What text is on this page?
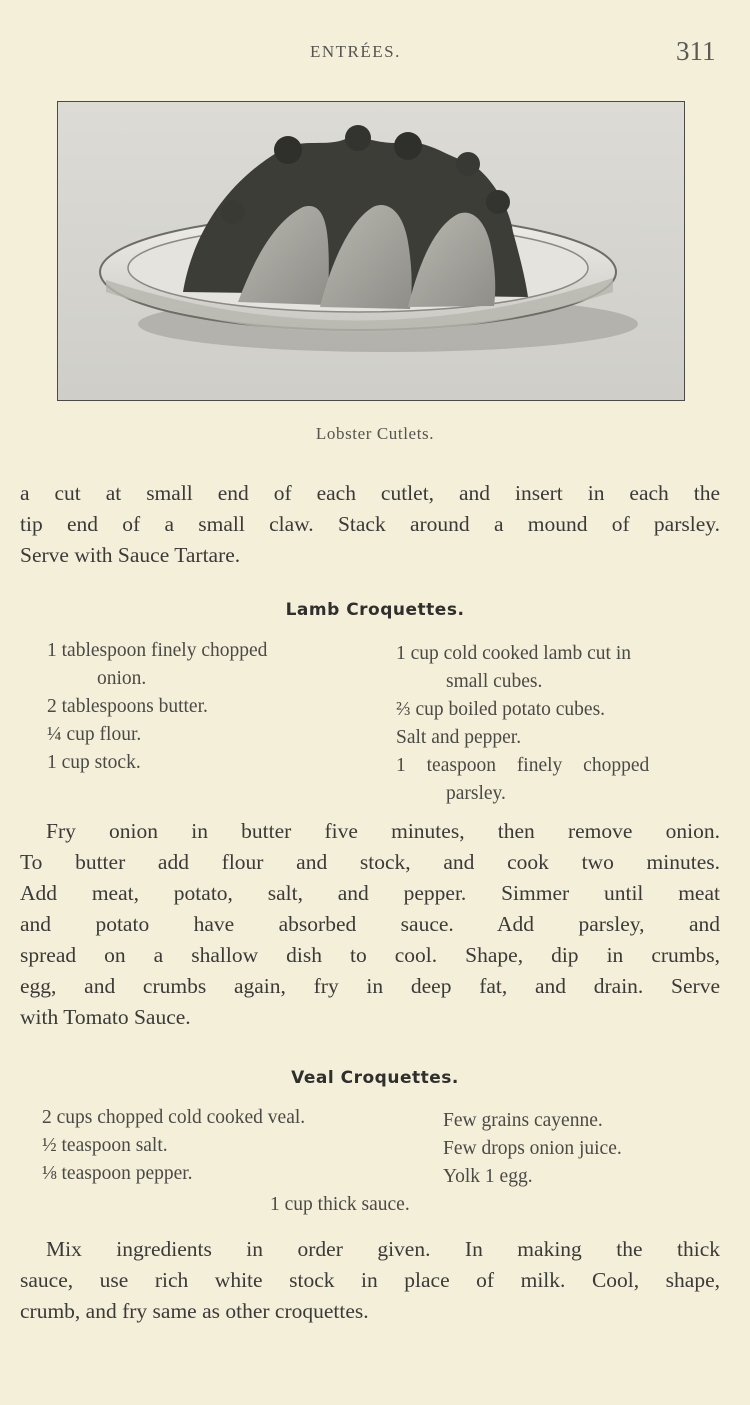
ENTRÉES.	311
Lobster Cutlets.
a cut at small end of each cutlet, and insert in each the
tip end of a small claw. Stack around a mound of parsley.
Serve with Sauce Tartare.
Lamb Croquettes.
1 tablespoon finely chopped
onion.
2 tablespoons butter.
¼ cup flour.
1 cup stock.
1 cup cold cooked lamb cut in
small cubes.
⅔ cup boiled potato cubes.
Salt and pepper.
1 teaspoon finely chopped
parsley.
Fry onion in butter five minutes, then remove onion.
To butter add flour and stock, and cook two minutes.
Add meat, potato, salt, and pepper. Simmer until meat
and potato have absorbed sauce. Add parsley, and
spread on a shallow dish to cool. Shape, dip in crumbs,
egg, and crumbs again, fry in deep fat, and drain. Serve
with Tomato Sauce.
Veal Croquettes.
2 cups chopped cold cooked veal.
½ teaspoon salt.
⅛ teaspoon pepper.
Few grains cayenne.
Few drops onion juice.
Yolk 1 egg.
1 cup thick sauce.
Mix ingredients in order given. In making the thick
sauce, use rich white stock in place of milk. Cool, shape,
crumb, and fry same as other croquettes.
